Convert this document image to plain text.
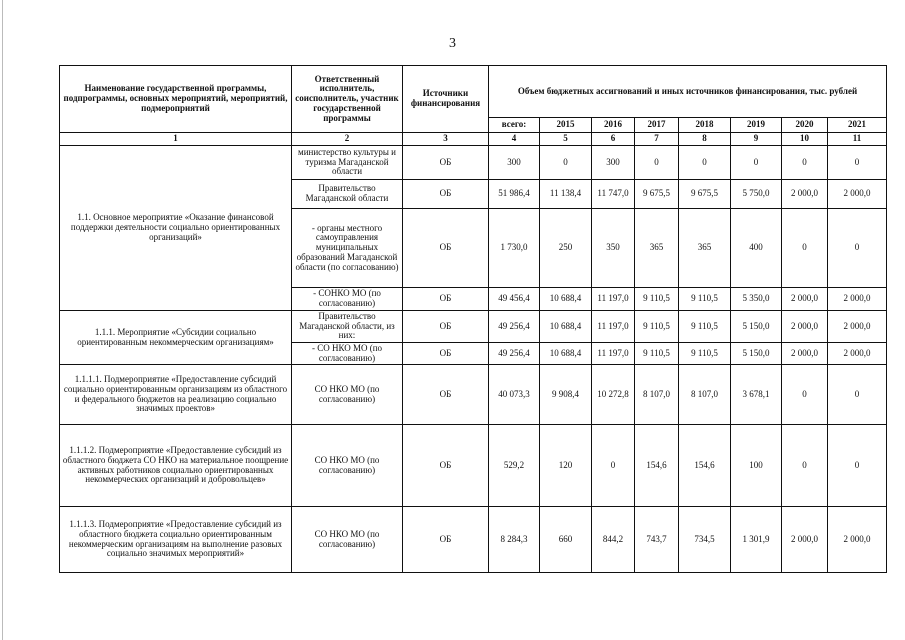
3
Наименование государственной программы, подпрограммы, основных мероприятий, мероприятий, подмероприятий	Ответственный исполнитель, соисполнитель, участник государственной программы	Источники финансирования	Объем бюджетных ассигнований и иных источников финансирования, тыс. рублей							
			всего:	2015	2016	2017	2018	2019	2020	2021
1	2	3	4	5	6	7	8	9	10	11
1.1. Основное мероприятие «Оказание финансовой поддержки деятельности социально ориентированных организаций»	министерство культуры и туризма Магаданской области	ОБ	300	0	300	0	0	0	0	0
	Правительство Магаданской области	ОБ	51 986,4	11 138,4	11 747,0	9 675,5	9 675,5	5 750,0	2 000,0	2 000,0
	- органы местного самоуправления муниципальных образований Магаданской области (по согласованию)	ОБ	1 730,0	250	350	365	365	400	0	0
	- СОНКО МО (по согласованию)	ОБ	49 456,4	10 688,4	11 197,0	9 110,5	9 110,5	5 350,0	2 000,0	2 000,0
1.1.1. Мероприятие «Субсидии социально ориентированным некоммерческим организациям»	Правительство Магаданской области, из них:	ОБ	49 256,4	10 688,4	11 197,0	9 110,5	9 110,5	5 150,0	2 000,0	2 000,0
	- СО НКО МО (по согласованию)	ОБ	49 256,4	10 688,4	11 197,0	9 110,5	9 110,5	5 150,0	2 000,0	2 000,0
1.1.1.1. Подмероприятие «Предоставление субсидий социально ориентированным организациям из областного и федерального бюджетов на реализацию социально значимых проектов»	СО НКО МО (по согласованию)	ОБ	40 073,3	9 908,4	10 272,8	8 107,0	8 107,0	3 678,1	0	0
1.1.1.2. Подмероприятие «Предоставление субсидий из областного бюджета СО НКО на материальное поощрение активных работников социально ориентированных некоммерческих организаций и добровольцев»	СО НКО МО (по согласованию)	ОБ	529,2	120	0	154,6	154,6	100	0	0
1.1.1.3. Подмероприятие «Предоставление субсидий из областного бюджета социально ориентированным некоммерческим организациям на выполнение разовых социально значимых мероприятий»	СО НКО МО (по согласованию)	ОБ	8 284,3	660	844,2	743,7	734,5	1 301,9	2 000,0	2 000,0
